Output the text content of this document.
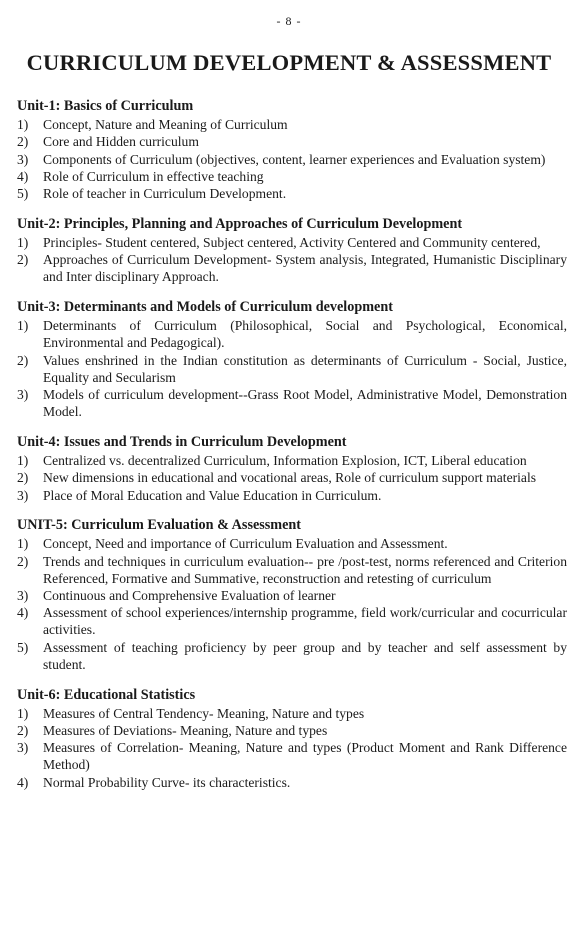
- 8 -
CURRICULUM DEVELOPMENT & ASSESSMENT
Unit-1: Basics of Curriculum
1)	Concept, Nature and Meaning of Curriculum
2)	Core and Hidden curriculum
3)	Components of Curriculum (objectives, content, learner experiences and Evaluation system)
4)	Role of Curriculum in effective teaching
5)	Role of teacher in Curriculum Development.
Unit-2: Principles, Planning and Approaches of Curriculum Development
1)	Principles- Student centered, Subject centered, Activity Centered and Community centered,
2)	Approaches of Curriculum Development- System analysis, Integrated, Humanistic Disciplinary and Inter disciplinary Approach.
Unit-3: Determinants and Models of Curriculum development
1)	Determinants of Curriculum (Philosophical, Social and Psychological, Economical, Environmental and Pedagogical).
2)	Values enshrined in the Indian constitution as determinants of Curriculum - Social, Justice, Equality and Secularism
3)	Models of curriculum development--Grass Root Model, Administrative Model, Demonstration Model.
Unit-4: Issues and Trends in Curriculum Development
1)	Centralized vs. decentralized Curriculum, Information Explosion, ICT, Liberal education
2)	New dimensions in educational and vocational areas, Role of curriculum support materials
3)	Place of Moral Education and Value Education in Curriculum.
UNIT-5: Curriculum Evaluation & Assessment
1)	Concept, Need and importance of Curriculum Evaluation and Assessment.
2)	Trends and techniques in curriculum evaluation-- pre /post-test, norms referenced and Criterion Referenced, Formative and Summative, reconstruction and retesting of curriculum
3)	Continuous and Comprehensive Evaluation of learner
4)	Assessment of school experiences/internship programme, field work/curricular and cocurricular activities.
5)	Assessment of teaching proficiency by peer group and by teacher and self assessment by student.
Unit-6: Educational Statistics
1)	Measures of Central Tendency- Meaning, Nature and types
2)	Measures of Deviations- Meaning, Nature and types
3)	Measures of Correlation- Meaning, Nature and types (Product Moment and Rank Difference Method)
4)	Normal Probability Curve- its characteristics.
